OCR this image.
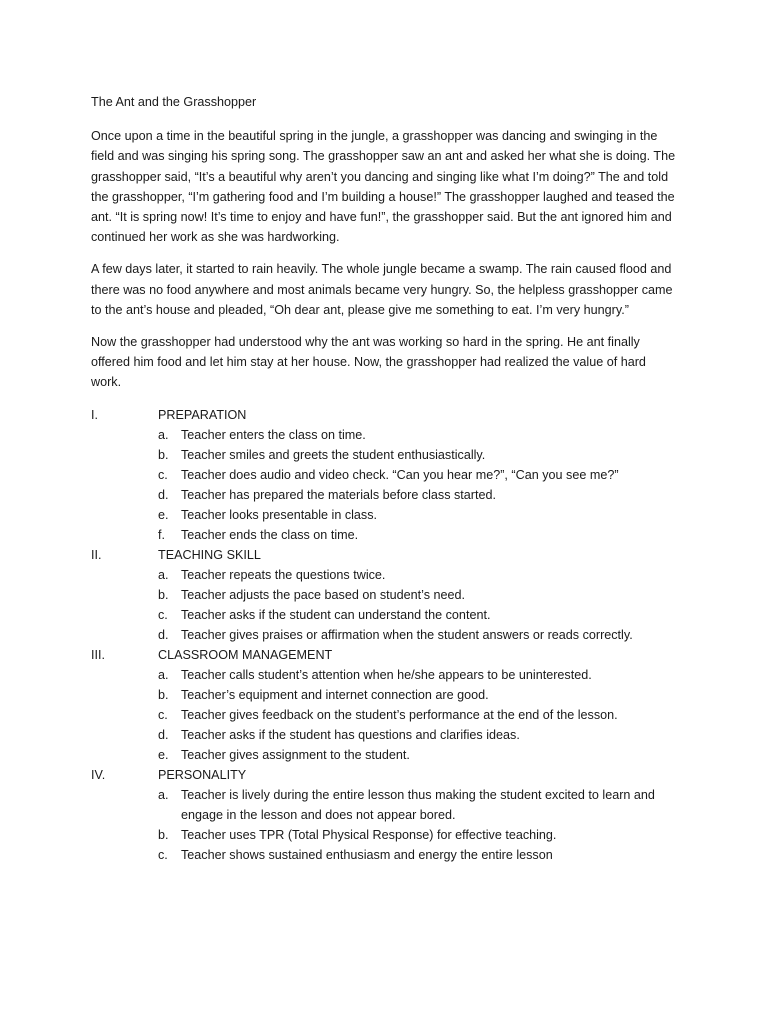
The Ant and the Grasshopper

Once upon a time in the beautiful spring in the jungle, a grasshopper was dancing and swinging in the field and was singing his spring song. The grasshopper saw an ant and asked her what she is doing. The grasshopper said, “It’s a beautiful why aren’t you dancing and singing like what I’m doing?” The and told the grasshopper, “I’m gathering food and I’m building a house!” The grasshopper laughed and teased the ant. “It is spring now! It’s time to enjoy and have fun!”, the grasshopper said. But the ant ignored him and continued her work as she was hardworking.

A few days later, it started to rain heavily. The whole jungle became a swamp. The rain caused flood and there was no food anywhere and most animals became very hungry. So, the helpless grasshopper came to the ant’s house and pleaded, “Oh dear ant, please give me something to eat. I’m very hungry.”

Now the grasshopper had understood why the ant was working so hard in the spring. He ant finally offered him food and let him stay at her house. Now, the grasshopper had realized the value of hard work.

I.	PREPARATION
a. Teacher enters the class on time.
b. Teacher smiles and greets the student enthusiastically.
c.	Teacher does audio and video check. “Can you hear me?”, “Can you see me?”
d. Teacher has prepared the materials before class started.
e. Teacher looks presentable in class.
f.	Teacher ends the class on time.
II.	TEACHING SKILL
a. Teacher repeats the questions twice.
b. Teacher adjusts the pace based on student’s need.
c.	Teacher asks if the student can understand the content.
d. Teacher gives praises or affirmation when the student answers or reads correctly.
III.	CLASSROOM MANAGEMENT
a. Teacher calls student’s attention when he/she appears to be uninterested.
b. Teacher’s equipment and internet connection are good.
c.	Teacher gives feedback on the student’s performance at the end of the lesson.
d. Teacher asks if the student has questions and clarifies ideas.
e. Teacher gives assignment to the student.
IV.	PERSONALITY
a. Teacher is lively during the entire lesson thus making the student excited to learn and engage in the lesson and does not appear bored.
b. Teacher uses TPR (Total Physical Response) for effective teaching.
c.	Teacher shows sustained enthusiasm and energy the entire lesson
